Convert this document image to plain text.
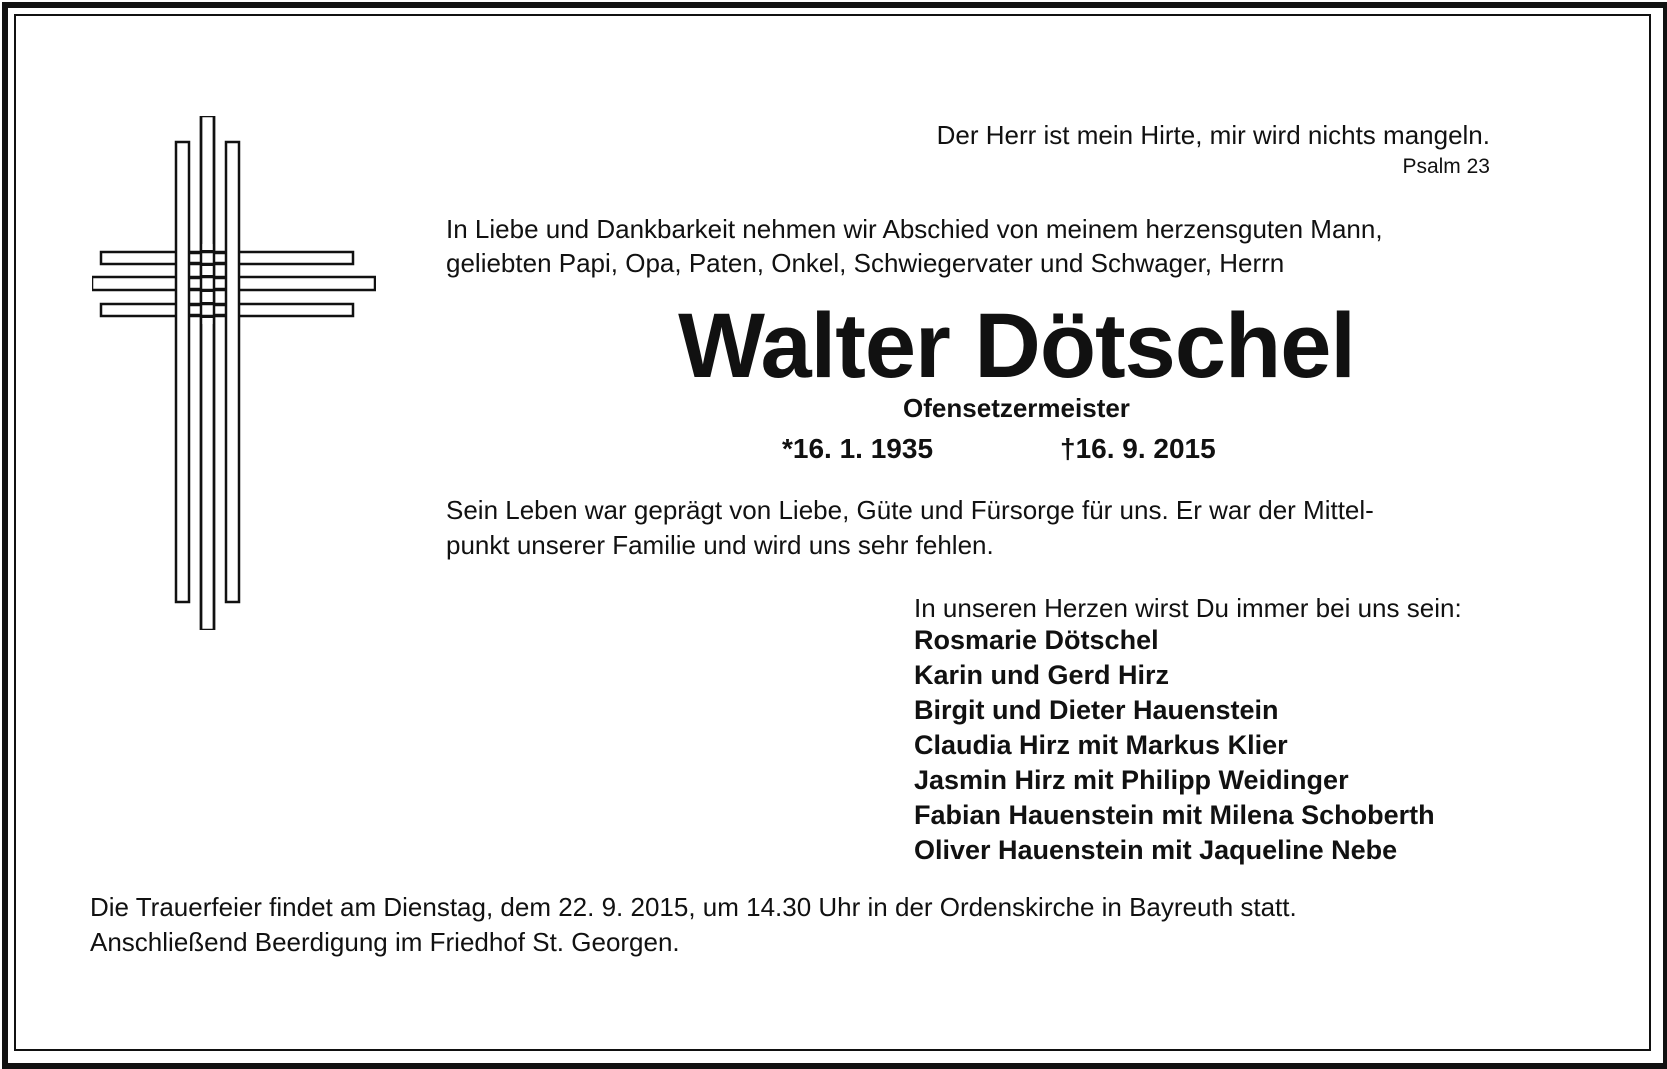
Der Herr ist mein Hirte, mir wird nichts mangeln.
Psalm 23
In Liebe und Dankbarkeit nehmen wir Abschied von meinem herzensguten Mann,
geliebten Papi, Opa, Paten, Onkel, Schwiegervater und Schwager, Herrn
Walter Dötschel
Ofensetzermeister
*16. 1. 1935	†16. 9. 2015
Sein Leben war geprägt von Liebe, Güte und Fürsorge für uns. Er war der Mittel-
punkt unserer Familie und wird uns sehr fehlen.
In unseren Herzen wirst Du immer bei uns sein:
Rosmarie Dötschel
Karin und Gerd Hirz
Birgit und Dieter Hauenstein
Claudia Hirz mit Markus Klier
Jasmin Hirz mit Philipp Weidinger
Fabian Hauenstein mit Milena Schoberth
Oliver Hauenstein mit Jaqueline Nebe
Die Trauerfeier findet am Dienstag, dem 22. 9. 2015, um 14.30 Uhr in der Ordenskirche in Bayreuth statt.
Anschließend Beerdigung im Friedhof St. Georgen.
